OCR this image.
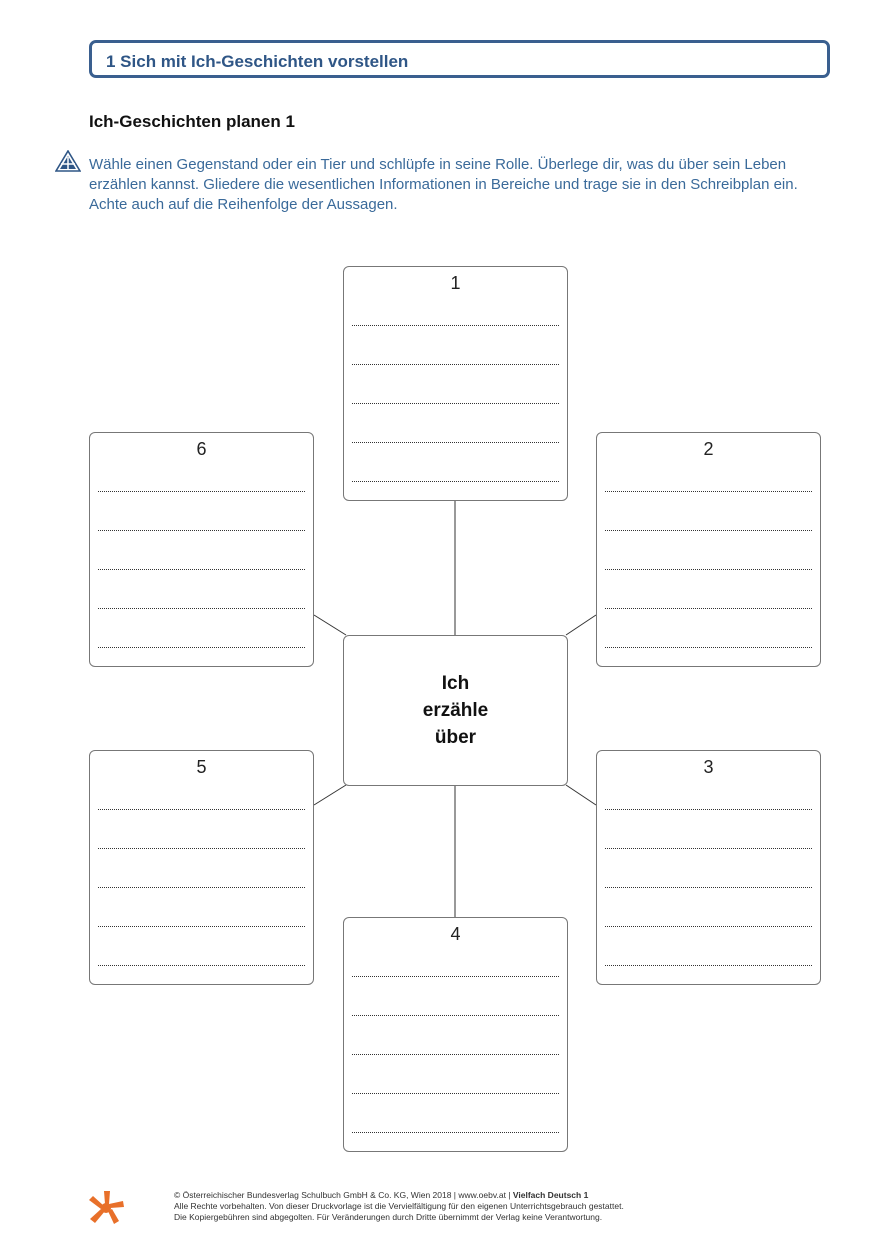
1 Sich mit Ich-Geschichten vorstellen
Ich-Geschichten planen 1
Wähle einen Gegenstand oder ein Tier und schlüpfe in seine Rolle. Überlege dir, was du über sein Leben
erzählen kannst. Gliedere die wesentlichen Informationen in Bereiche und trage sie in den Schreibplan ein.
Achte auch auf die Reihenfolge der Aussagen.
1
2
3
4
5
6
Ich
erzähle
über
© Österreichischer Bundesverlag Schulbuch GmbH & Co. KG, Wien 2018 | www.oebv.at | Vielfach Deutsch 1
Alle Rechte vorbehalten. Von dieser Druckvorlage ist die Vervielfältigung für den eigenen Unterrichtsgebrauch gestattet.
Die Kopiergebühren sind abgegolten. Für Veränderungen durch Dritte übernimmt der Verlag keine Verantwortung.
